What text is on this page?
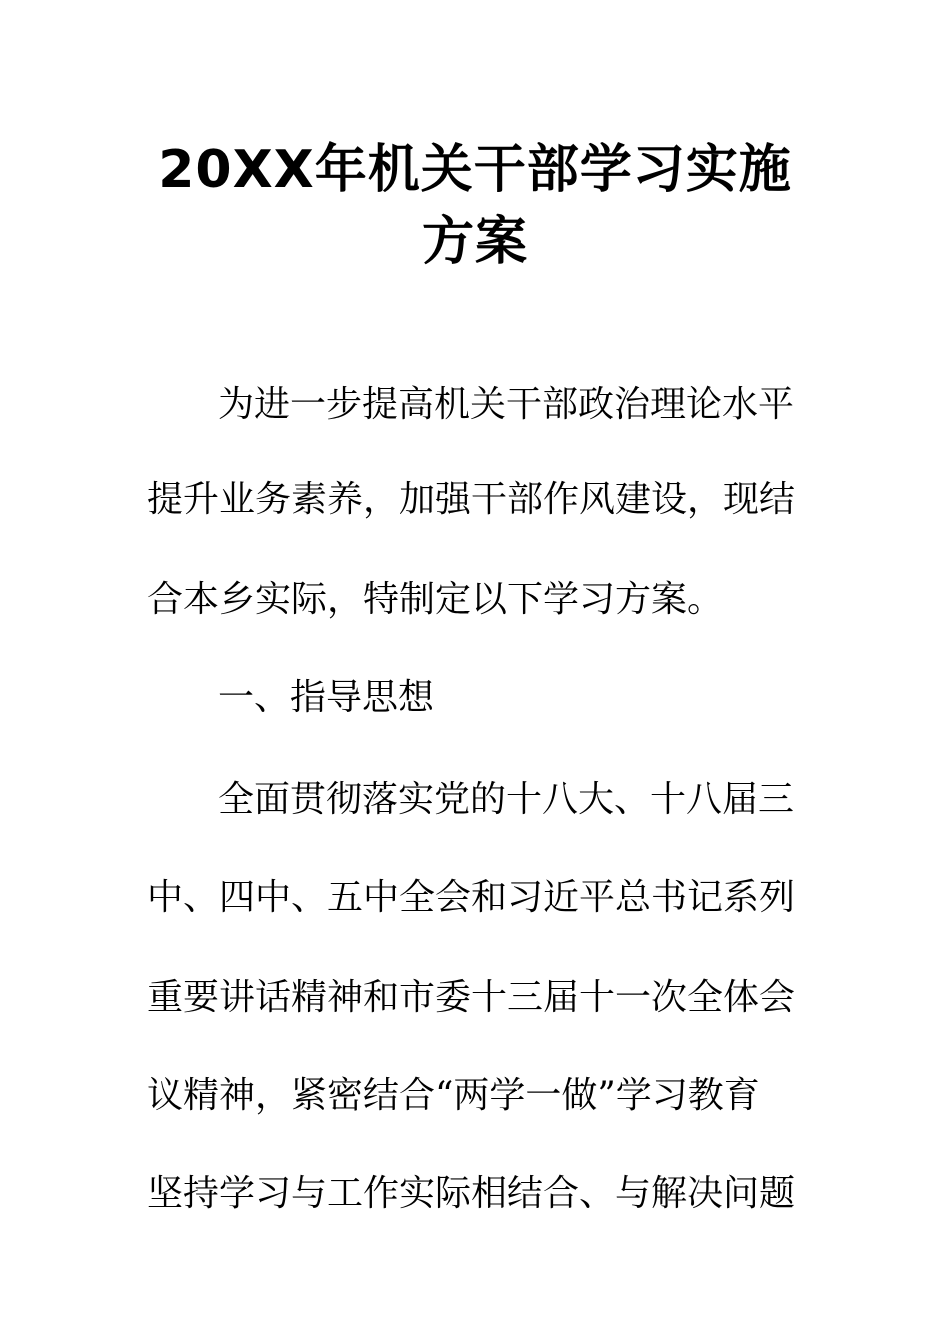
20XX年机关干部学习实施
方案
为进一步提高机关干部政治理论水平
提升业务素养，加强干部作风建设，现结
合本乡实际，特制定以下学习方案。
一、指导思想
全面贯彻落实党的十八大、十八届三
中、四中、五中全会和习近平总书记系列
重要讲话精神和市委十三届十一次全体会
议精神，紧密结合“两学一做”学习教育
坚持学习与工作实际相结合、与解决问题
